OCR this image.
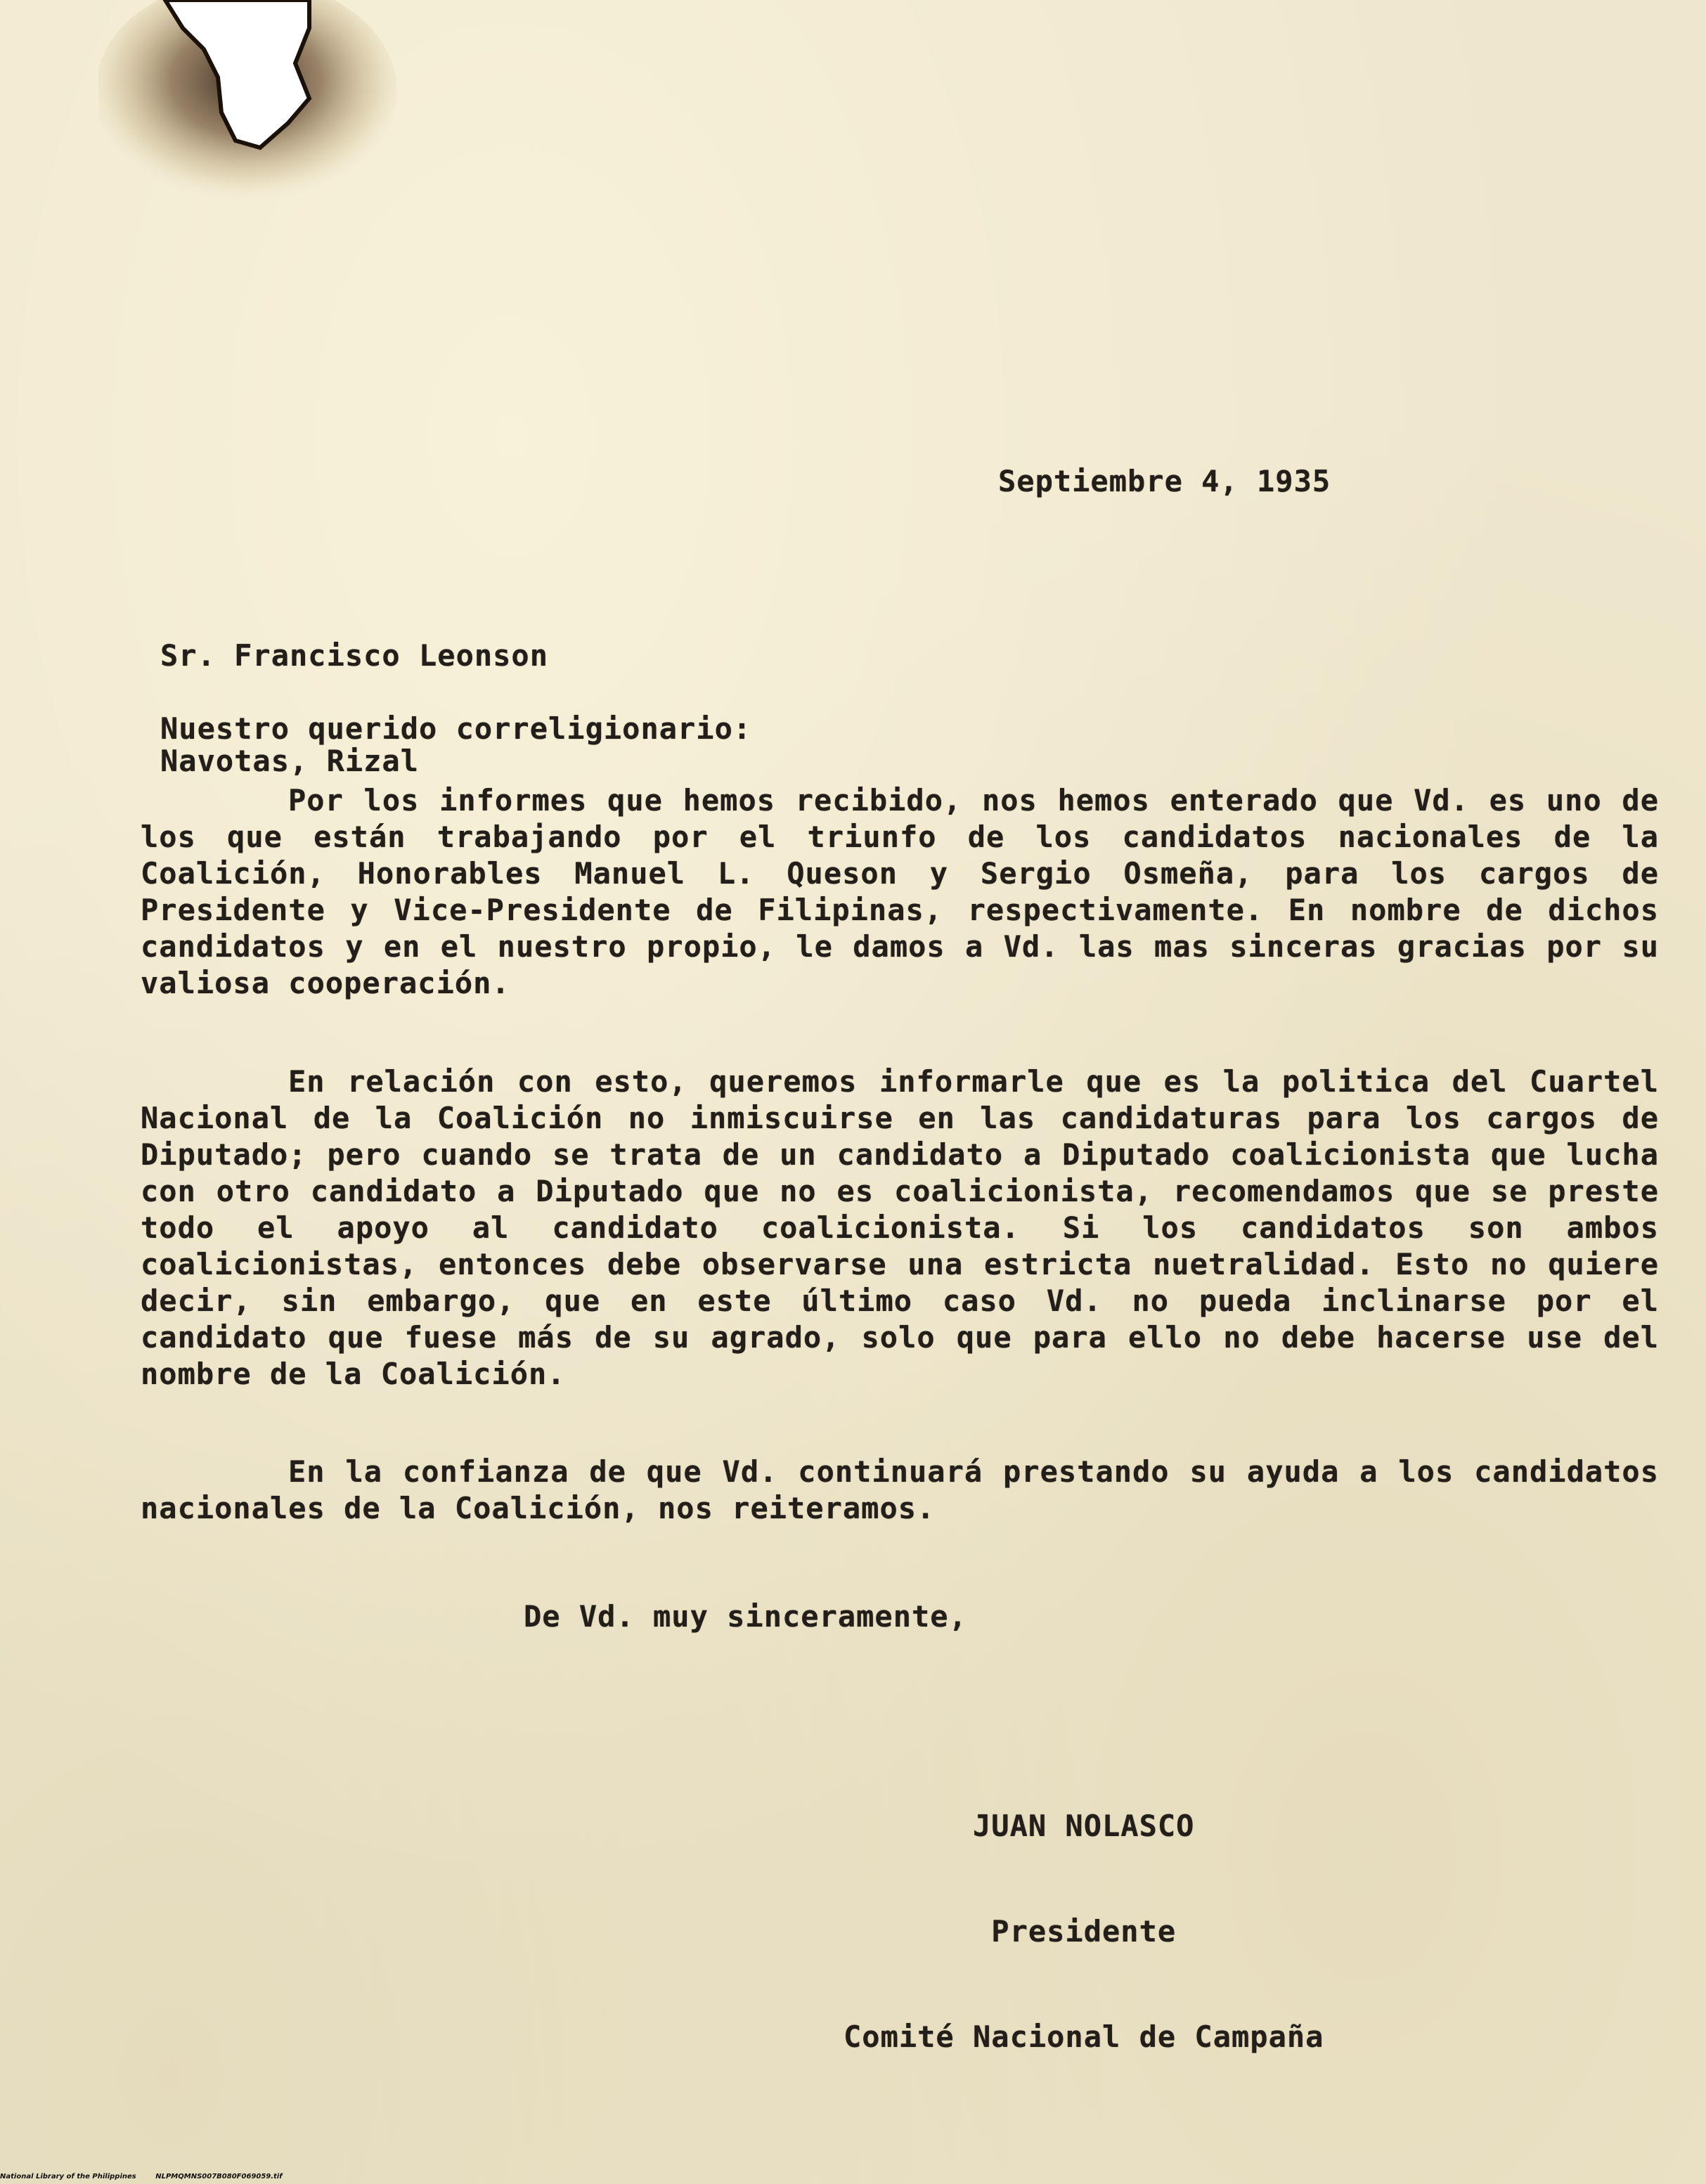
Septiembre 4, 1935

Sr. Francisco Leonson

Navotas, Rizal

Nuestro querido correligionario:

Por los informes que hemos recibido, nos hemos enterado que Vd. es uno de los que están trabajando por el triunfo de los candidatos nacionales de la Coalición, Honorables Manuel L. Queson y Sergio Osmeña, para los cargos de Presidente y Vice-Presidente de Filipinas, respectivamente. En nombre de dichos candidatos y en el nuestro propio, le damos a Vd. las mas sinceras gracias por su valiosa cooperación.

En relación con esto, queremos informarle que es la politica del Cuartel Nacional de la Coalición no inmiscuirse en las candidaturas para los cargos de Diputado; pero cuando se trata de un candidato a Diputado coalicionista que lucha con otro candidato a Diputado que no es coalicionista, recomendamos que se preste todo el apoyo al candidato coalicionista. Si los candidatos son ambos coalicionistas, entonces debe observarse una estricta nuetralidad. Esto no quiere decir, sin embargo, que en este último caso Vd. no pueda inclinarse por el candidato que fuese más de su agrado, solo que para ello no debe hacerse use del nombre de la Coalición.

En la confianza de que Vd. continuará prestando su ayuda a los candidatos nacionales de la Coalición, nos reiteramos.

De Vd. muy sinceramente,

JUAN NOLASCO

Presidente

Comité Nacional de Campaña

National Library of the Philippines	NLPMQMNS007B080F069059.tif
